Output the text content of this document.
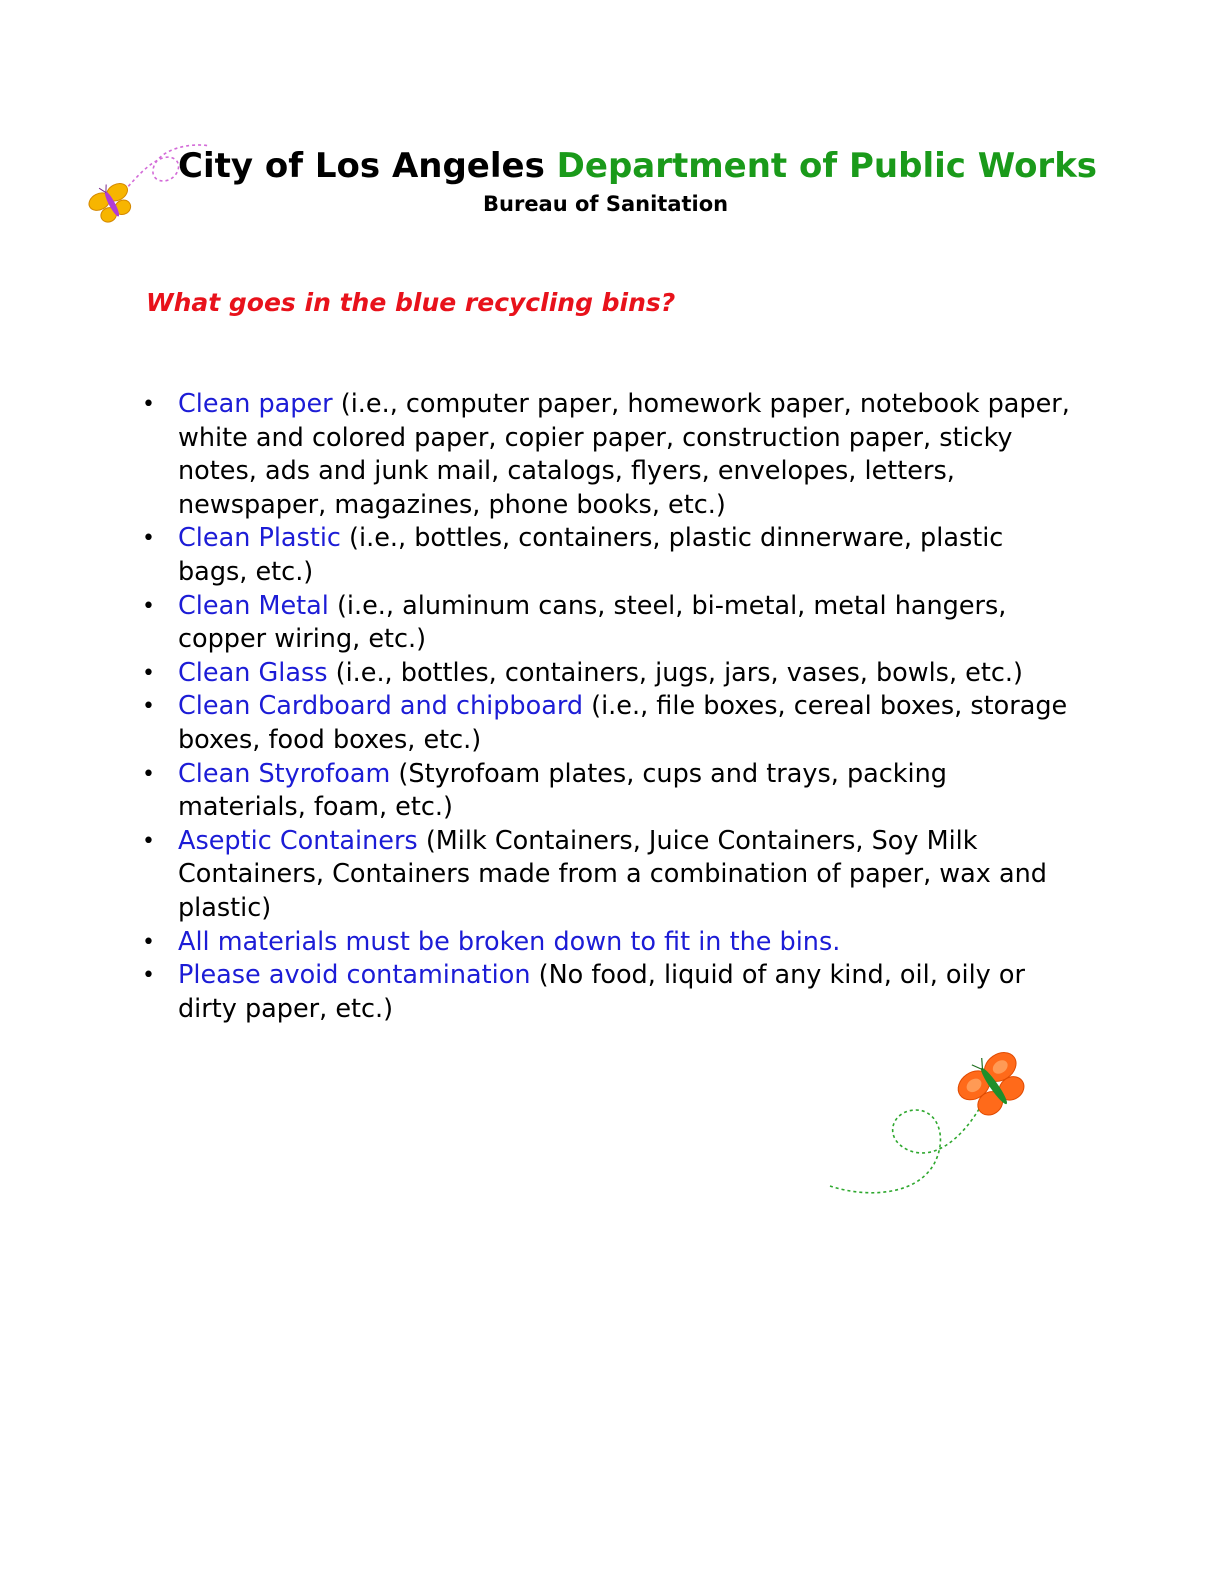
City of Los Angeles Department of Public Works
Bureau of Sanitation
What goes in the blue recycling bins?
• Clean paper (i.e., computer paper, homework paper, notebook paper, white and colored paper, copier paper, construction paper, sticky notes, ads and junk mail, catalogs, flyers, envelopes, letters, newspaper, magazines, phone books, etc.)
• Clean Plastic (i.e., bottles, containers, plastic dinnerware, plastic bags, etc.)
• Clean Metal (i.e., aluminum cans, steel, bi-metal, metal hangers, copper wiring, etc.)
• Clean Glass (i.e., bottles, containers, jugs, jars, vases, bowls, etc.)
• Clean Cardboard and chipboard (i.e., file boxes, cereal boxes, storage boxes, food boxes, etc.)
• Clean Styrofoam (Styrofoam plates, cups and trays, packing materials, foam, etc.)
• Aseptic Containers (Milk Containers, Juice Containers, Soy Milk Containers, Containers made from a combination of paper, wax and plastic)
• All materials must be broken down to fit in the bins.
• Please avoid contamination (No food, liquid of any kind, oil, oily or dirty paper, etc.)
